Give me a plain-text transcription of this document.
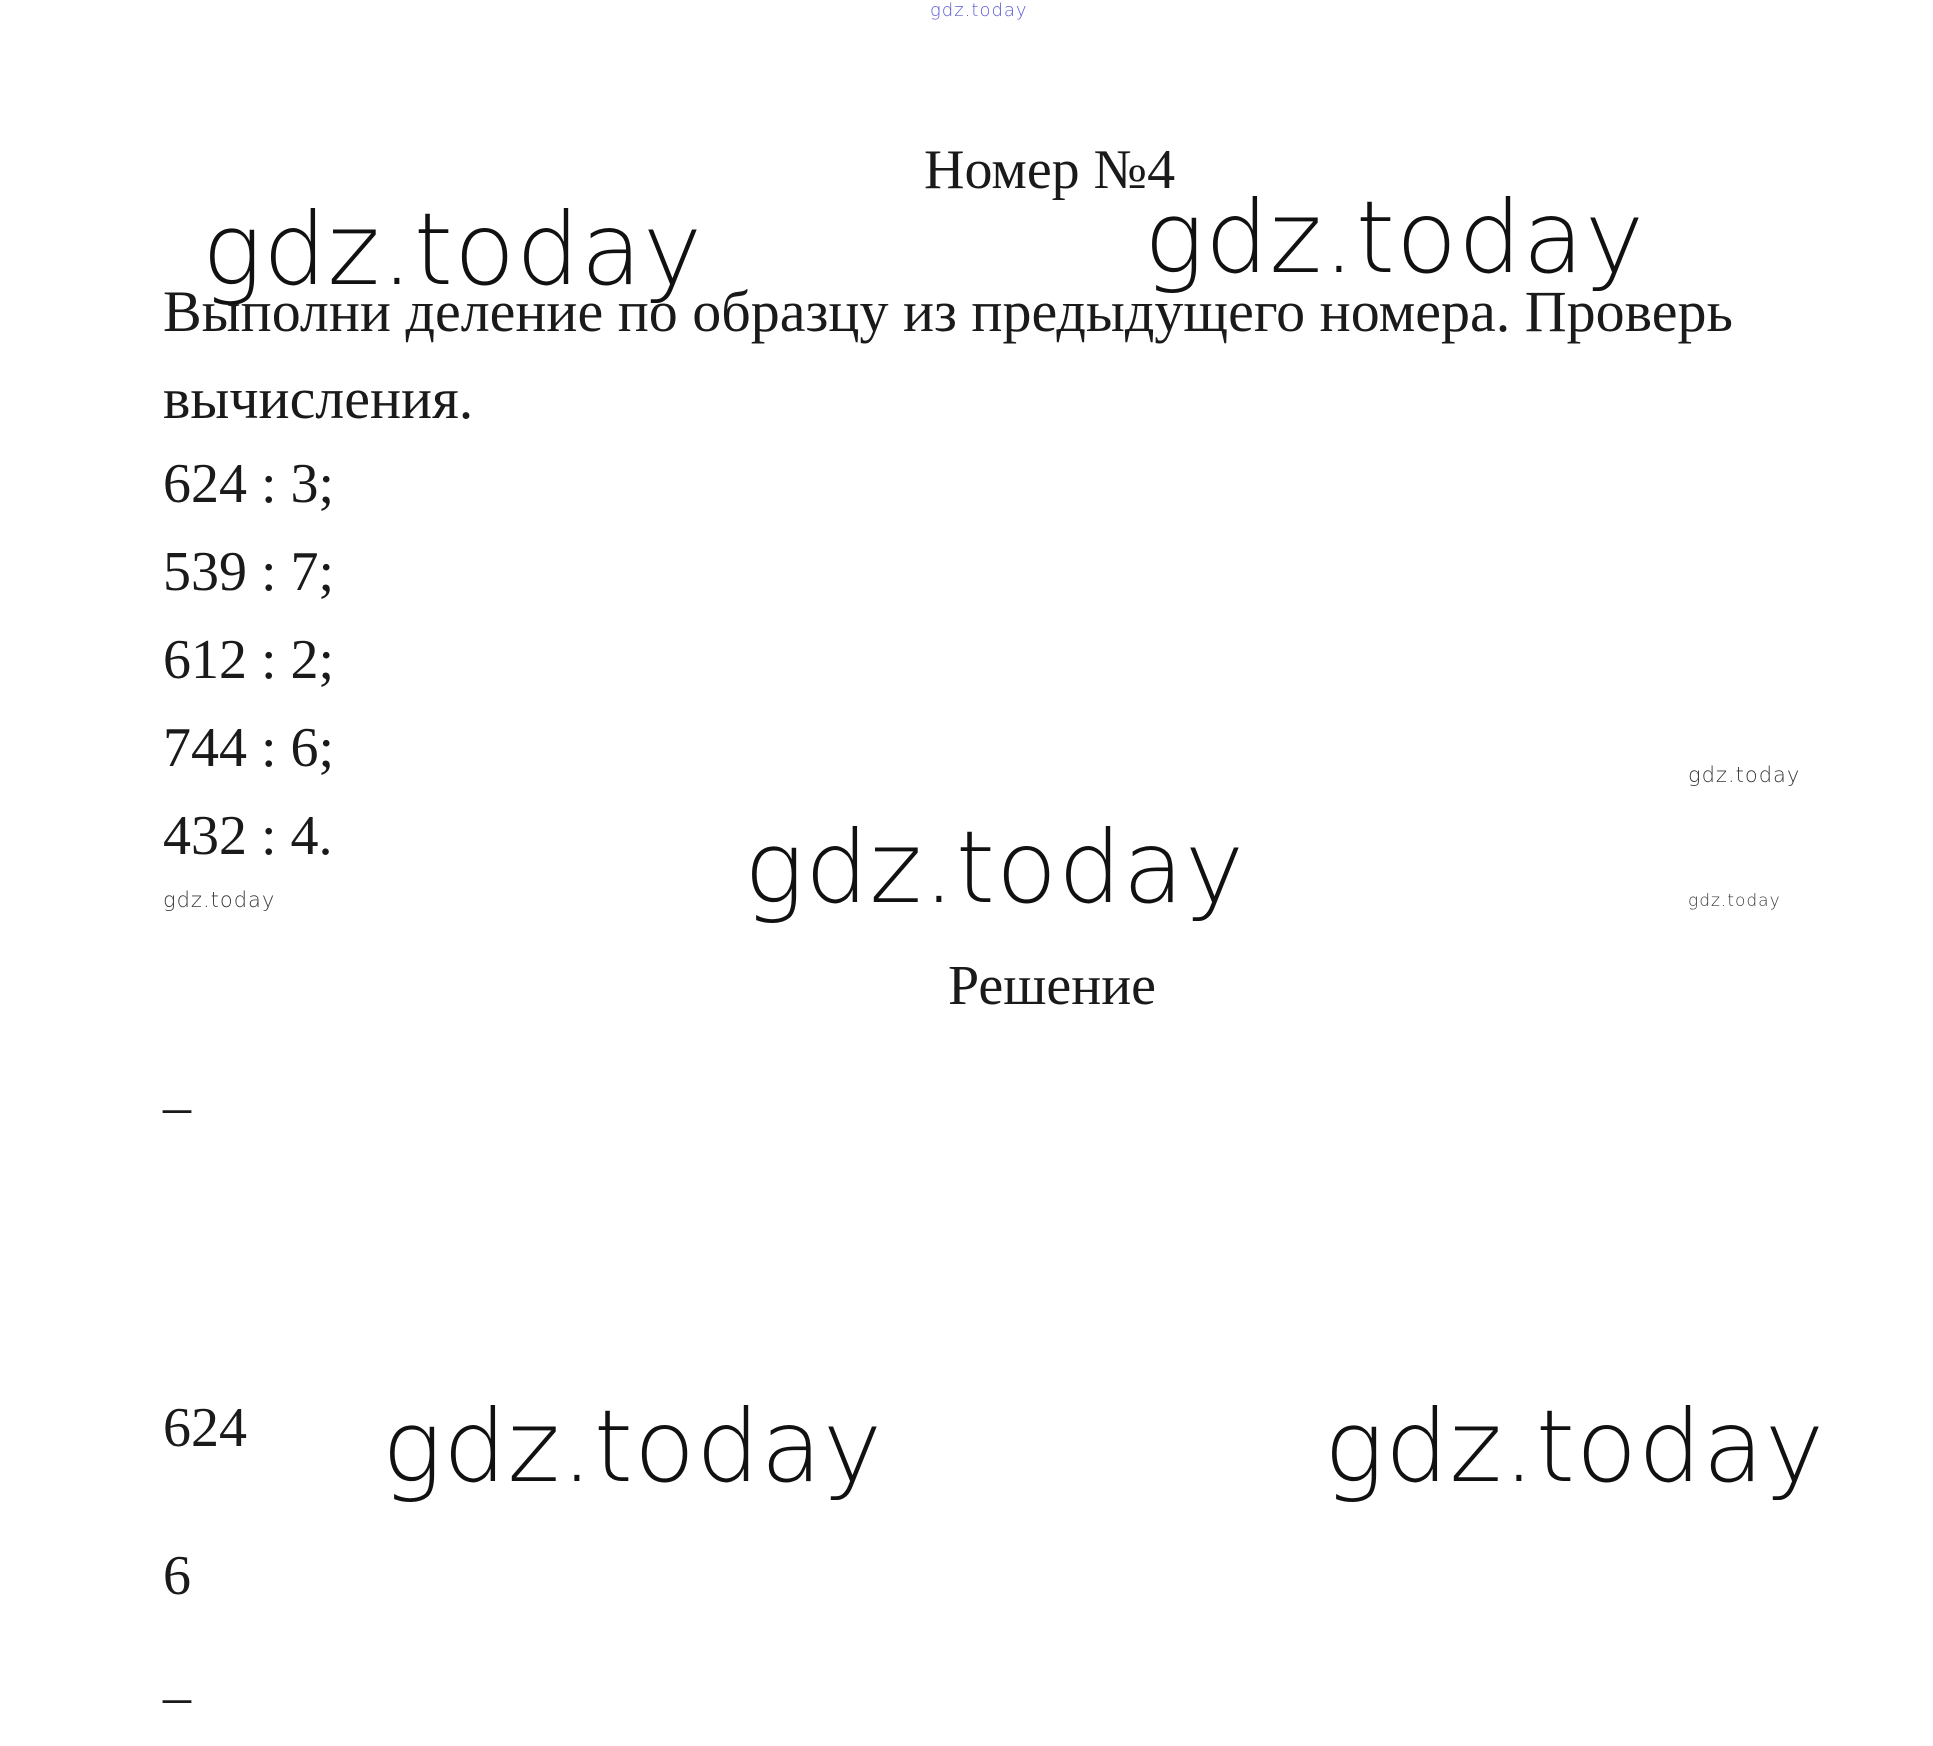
gdz.today
gdz.today	gdz.today
gdz.today
gdz.today
gdz.today	gdz.today
gdz.today	gdz.today
Номер №4
Выполни деление по образцу из предыдущего номера. Проверь вычисления.
624 : 3;
539 : 7;
612 : 2;
744 : 6;
432 : 4.
Решение
_
624
6
_
